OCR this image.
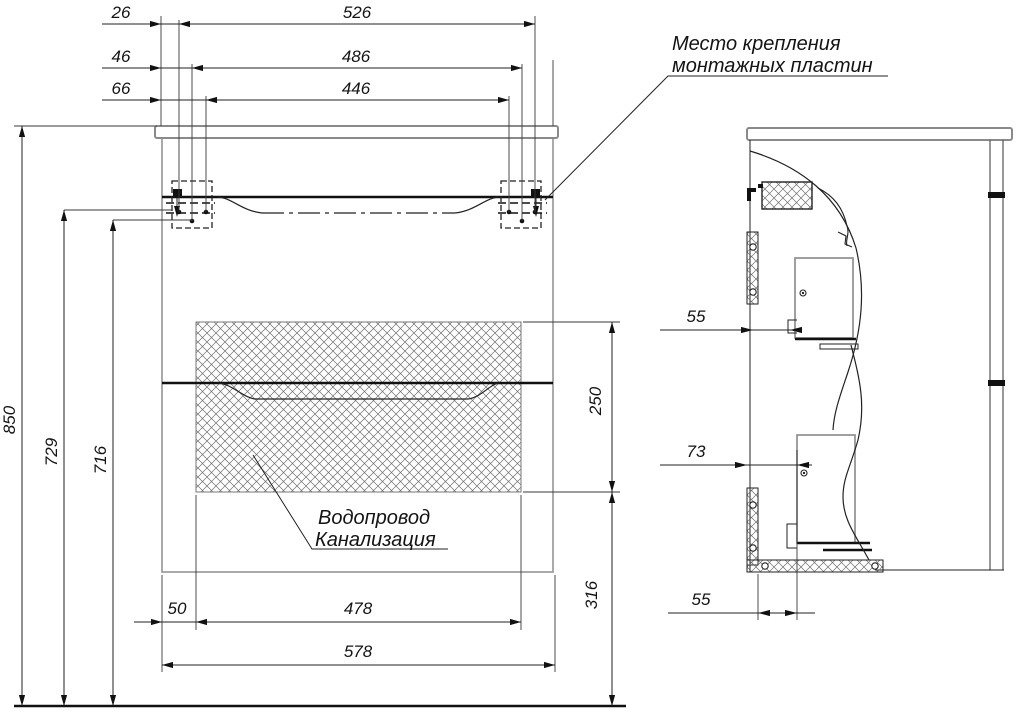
26	526
46	486
66	446
850
729 716
250
316
50	478
578
55
73
55
Место крепления
монтажных пластин
Водопровод
Канализация
